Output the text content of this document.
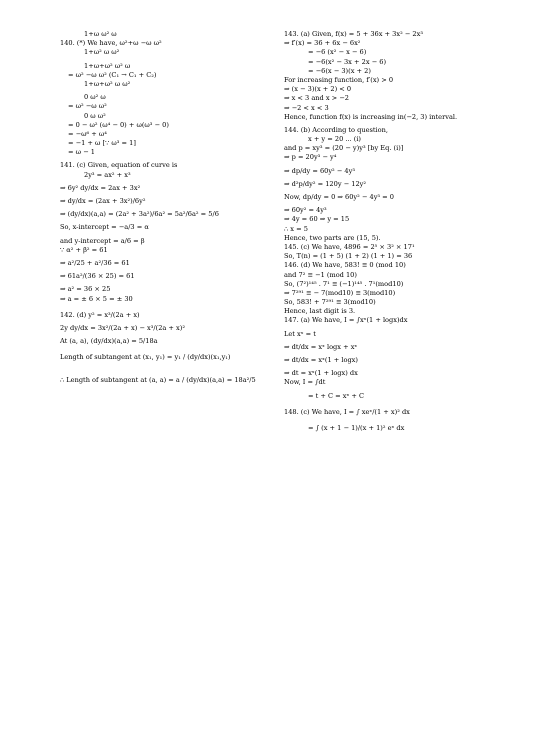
1+ω ω² ω
140. (*) We have, ω²+ω −ω ω²
1+ω² ω ω²
1+ω+ω² ω² ω
= ω² −ω ω² (C₁ → C₁ + C₂)
1+ω+ω² ω ω²
0 ω² ω
= ω² −ω ω²
0 ω ω²
= 0 − ω² (ω⁴ − 0) + ω(ω³ − 0)
= −ω⁶ + ω⁴
= −1 + ω [∵ ω³ = 1]
= ω − 1
141. (c) Given, equation of curve is
2y³ = ax² + x³
⇒ 6y² dy/dx = 2ax + 3x²
⇒ dy/dx = (2ax + 3x²)/6y²
⇒ (dy/dx)(a,a) = (2a² + 3a²)/6a² = 5a²/6a² = 5/6
So, x-intercept = −a/3 = α
and y-intercept = a/6 = β
∵ α² + β² = 61
⇒ a²/25 + a²/36 = 61
⇒ 61a²/(36 × 25) = 61
⇒ a² = 36 × 25
⇒ a = ± 6 × 5 = ± 30
142. (d) y² = x³/(2a + x)
2y dy/dx = 3x²/(2a + x) − x³/(2a + x)²
At (a, a), (dy/dx)(a,a) = 5/18a
Length of subtangent at (x₁, y₁) = y₁ / (dy/dx)(x₁,y₁)
∴ Length of subtangent at (a, a) = a / (dy/dx)(a,a) = 18a²/5
143. (a) Given, f(x) = 5 + 36x + 3x² − 2x³
⇒ f′(x) = 36 + 6x − 6x²
= −6 (x² − x − 6)
= −6(x² − 3x + 2x − 6)
= −6(x − 3)(x + 2)
For increasing function, f′(x) > 0
⇒ (x − 3)(x + 2) < 0
⇒ x < 3 and x > −2
⇒ −2 < x < 3
Hence, function f(x) is increasing in(−2, 3) interval.
144. (b) According to question,
x + y = 20 ... (i)
and p = xy³ = (20 − y)y³ [by Eq. (i)]
⇒ p = 20y³ − y⁴
⇒ dp/dy = 60y² − 4y³
⇒ d²p/dy² = 120y − 12y²
Now, dp/dy = 0 ⇒ 60y² − 4y³ = 0
⇒ 60y² = 4y³
⇒ 4y = 60 ⇒ y = 15
∴ x = 5
Hence, two parts are (15, 5).
145. (c) We have, 4896 = 2⁵ × 3² × 17¹
So, T(n) = (1 + 5) (1 + 2) (1 + 1) = 36
146. (d) We have, 583! ≡ 0 (mod 10)
and 7² ≡ −1 (mod 10)
So, (7²)¹⁴⁵ . 7¹ ≡ (−1)¹⁴⁵ . 7¹(mod10)
⇒ 7²⁹¹ ≡ − 7(mod10) ≡ 3(mod10)
So, 583! + 7²⁹¹ ≡ 3(mod10)
Hence, last digit is 3.
147. (a) We have, I = ∫xˣ(1 + logx)dx
Let xˣ = t
⇒ dt/dx = xˣ logx + xˣ
⇒ dt/dx = xˣ(1 + logx)
⇒ dt = xˣ(1 + logx) dx
Now, I = ∫dt
= t + C = xˣ + C
148. (c) We have, I = ∫ xeˣ/(1 + x)² dx
= ∫ (x + 1 − 1)/(x + 1)² eˣ dx
